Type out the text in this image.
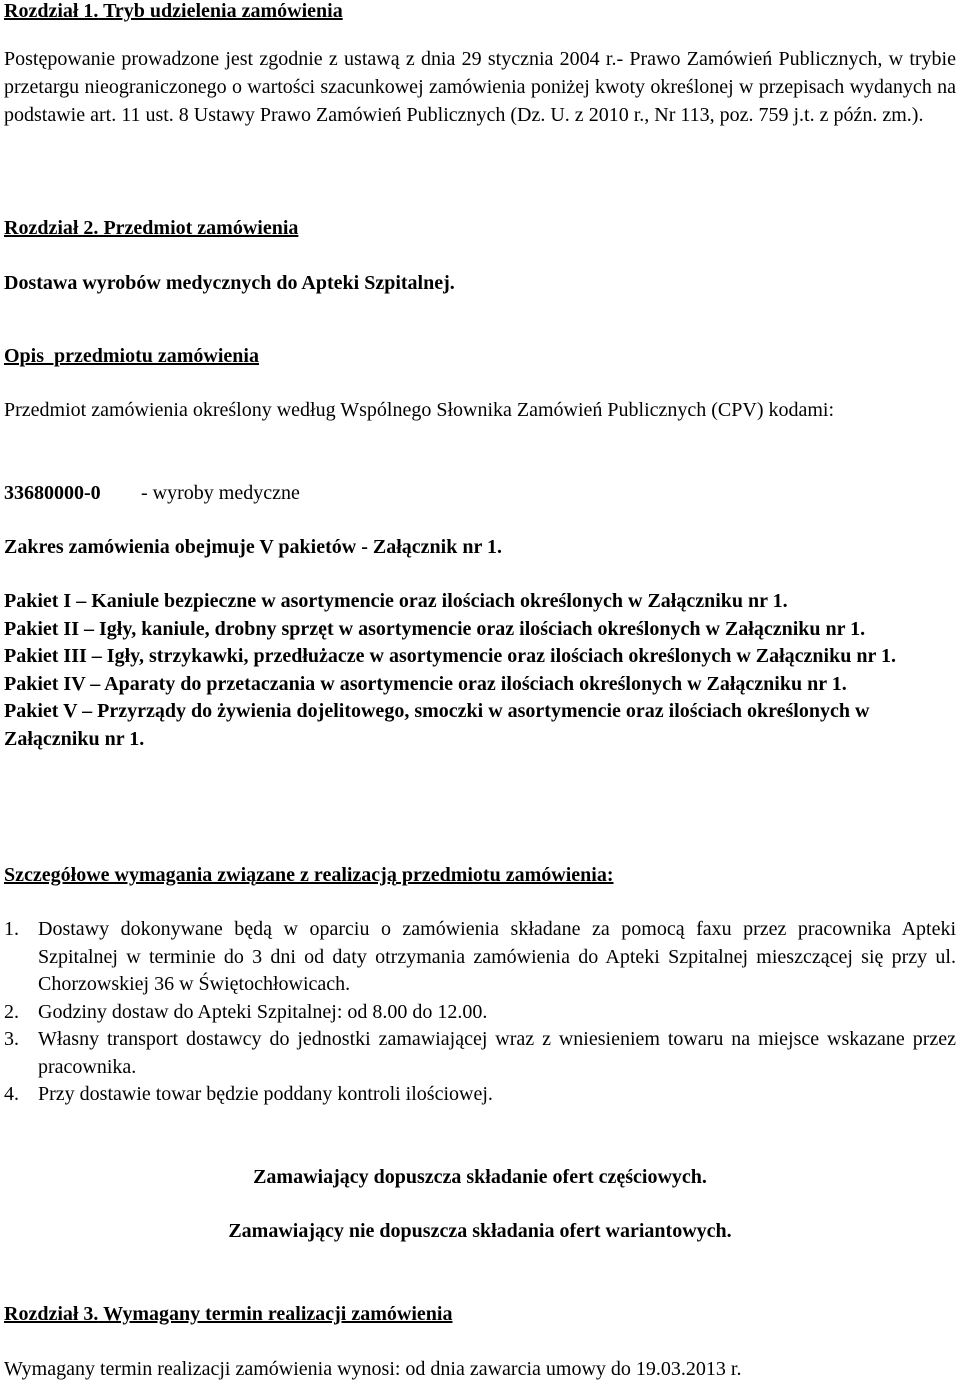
Rozdział 1. Tryb udzielenia zamówienia

Postępowanie prowadzone jest zgodnie z ustawą z dnia 29 stycznia 2004 r.- Prawo Zamówień Publicznych, w trybie przetargu nieograniczonego o wartości szacunkowej zamówienia poniżej kwoty określonej w przepisach wydanych na podstawie art. 11 ust. 8 Ustawy Prawo Zamówień Publicznych (Dz. U. z 2010 r., Nr 113, poz. 759 j.t. z późn. zm.).

Rozdział 2. Przedmiot zamówienia

Dostawa wyrobów medycznych do Apteki Szpitalnej.

Opis  przedmiotu zamówienia

Przedmiot zamówienia określony według Wspólnego Słownika Zamówień Publicznych (CPV) kodami:

33680000-0	- wyroby medyczne

Zakres zamówienia obejmuje V pakietów - Załącznik nr 1.

Pakiet I – Kaniule bezpieczne w asortymencie oraz ilościach określonych w Załączniku nr 1.

Pakiet II – Igły, kaniule, drobny sprzęt w asortymencie oraz ilościach określonych w Załączniku nr 1.

Pakiet III – Igły, strzykawki, przedłużacze w asortymencie oraz ilościach określonych w Załączniku nr 1.

Pakiet IV – Aparaty do przetaczania w asortymencie oraz ilościach określonych w Załączniku nr 1.

Pakiet V – Przyrządy do żywienia dojelitowego, smoczki w asortymencie oraz ilościach określonych w Załączniku nr 1.

Szczegółowe wymagania związane z realizacją przedmiotu zamówienia:

1. Dostawy dokonywane będą w oparciu o zamówienia składane za pomocą faxu przez pracownika Apteki Szpitalnej w terminie do 3 dni od daty otrzymania zamówienia do Apteki Szpitalnej mieszczącej się przy ul. Chorzowskiej 36 w Świętochłowicach.
2. Godziny dostaw do Apteki Szpitalnej: od 8.00 do 12.00.
3. Własny transport dostawcy do jednostki zamawiającej wraz z wniesieniem towaru na miejsce wskazane przez pracownika.
4. Przy dostawie towar będzie poddany kontroli ilościowej.

Zamawiający dopuszcza składanie ofert częściowych.

Zamawiający nie dopuszcza składania ofert wariantowych.

Rozdział 3. Wymagany termin realizacji zamówienia

Wymagany termin realizacji zamówienia wynosi: od dnia zawarcia umowy do 19.03.2013 r.
